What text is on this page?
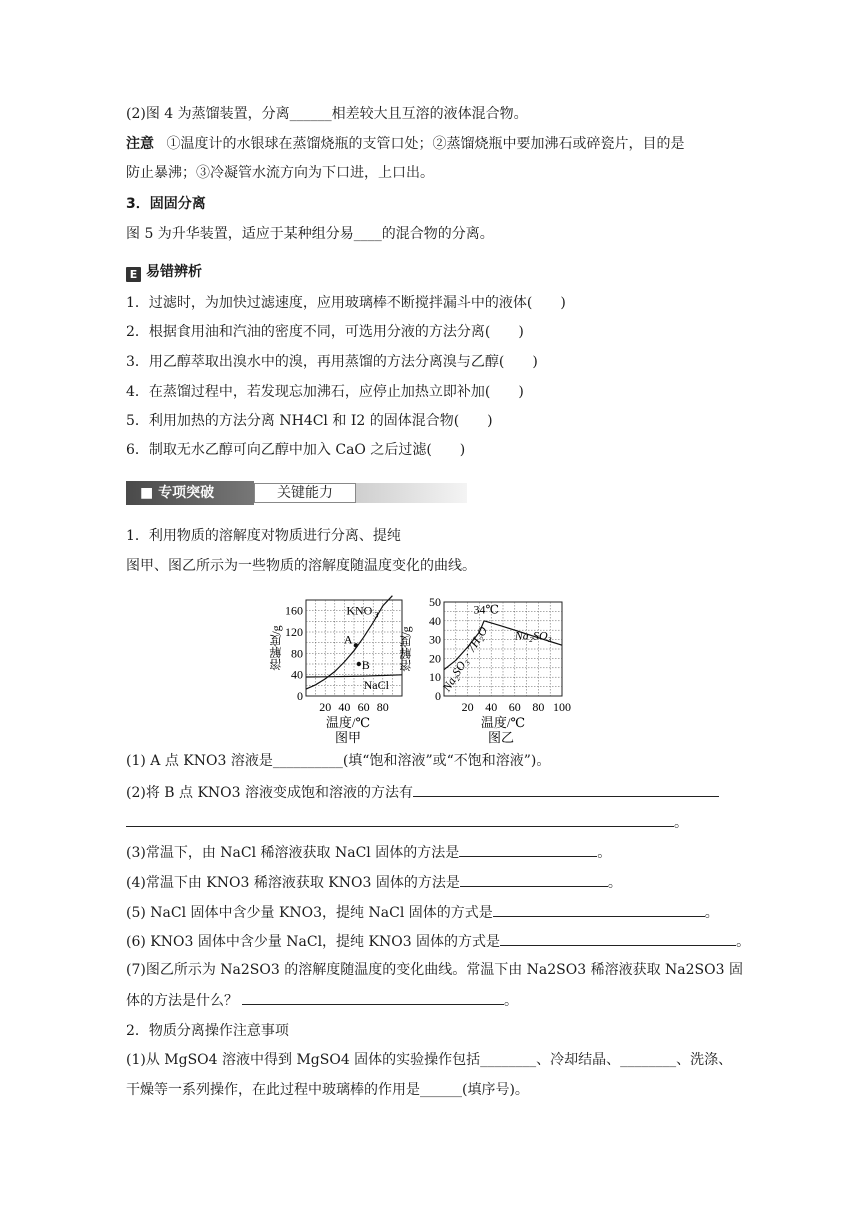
(2)图 4 为蒸馏装置，分离______相差较大且互溶的液体混合物。
注意 ①温度计的水银球在蒸馏烧瓶的支管口处；②蒸馏烧瓶中要加沸石或碎瓷片，目的是
防止暴沸；③冷凝管水流方向为下口进，上口出。
3．固固分离
图 5 为升华装置，适应于某种组分易____的混合物的分离。
E 易错辨析
1．过滤时，为加快过滤速度，应用玻璃棒不断搅拌漏斗中的液体(　　)
2．根据食用油和汽油的密度不同，可选用分液的方法分离(　　)
3．用乙醇萃取出溴水中的溴，再用蒸馏的方法分离溴与乙醇(　　)
4．在蒸馏过程中，若发现忘加沸石，应停止加热立即补加(　　)
5．利用加热的方法分离 NH4Cl 和 I2 的固体混合物(　　)
6．制取无水乙醇可向乙醇中加入 CaO 之后过滤(　　)
■ 专项突破	关键能力
1．利用物质的溶解度对物质进行分离、提纯
图甲、图乙所示为一些物质的溶解度随温度变化的曲线。
0
40
80
120
160
20 40 60 80
溶解度/g
温度/℃
图甲
KNO 3
NaCl
A
B
0
10
20
30
40
50
20 40 60 80 100
溶解度/g
温度/℃
图乙
34℃
Na₂SO₃
Na₂SO₃ · 7H₂O
(1) A 点 KNO3 溶液是__________(填“饱和溶液”或“不饱和溶液”)。
(2)将 B 点 KNO3 溶液变成饱和溶液的方法有
。
(3)常温下，由 NaCl 稀溶液获取 NaCl 固体的方法是	。
(4)常温下由 KNO3 稀溶液获取 KNO3 固体的方法是	。
(5) NaCl 固体中含少量 KNO3，提纯 NaCl 固体的方式是	。
(6) KNO3 固体中含少量 NaCl，提纯 KNO3 固体的方式是	。
(7)图乙所示为 Na2SO3 的溶解度随温度的变化曲线。常温下由 Na2SO3 稀溶液获取 Na2SO3 固
体的方法是什么？	。
2．物质分离操作注意事项
(1)从 MgSO4 溶液中得到 MgSO4 固体的实验操作包括________、冷却结晶、________、洗涤、
干燥等一系列操作，在此过程中玻璃棒的作用是______(填序号)。
